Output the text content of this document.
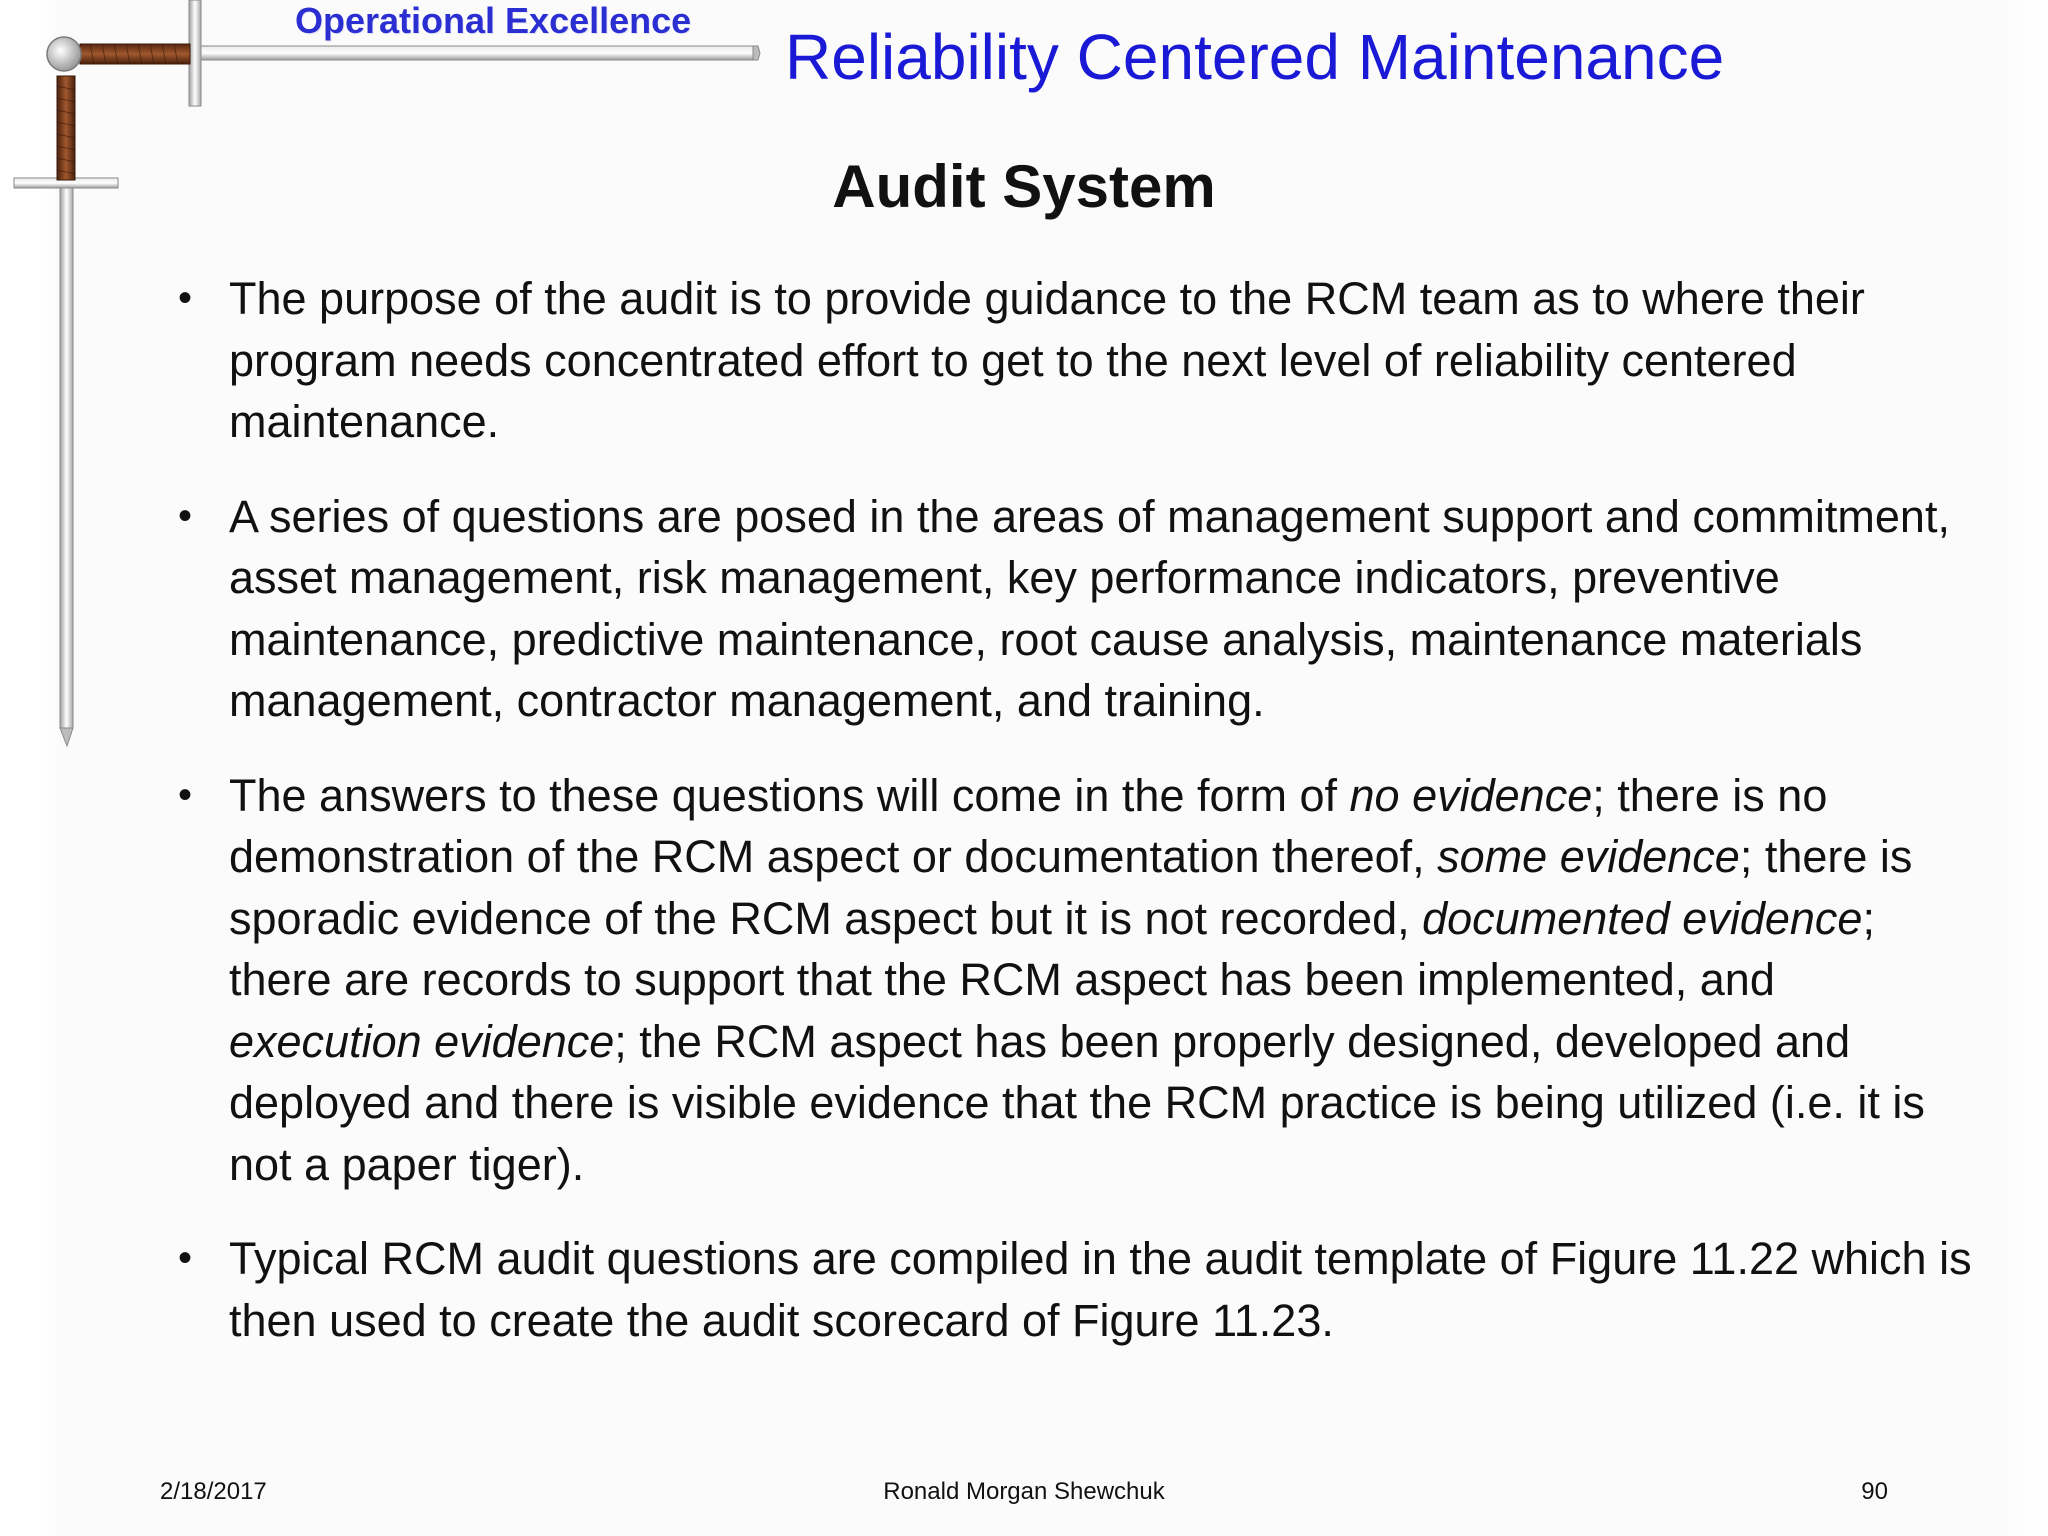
Operational Excellence
Reliability Centered Maintenance
Audit System
• The purpose of the audit is to provide guidance to the RCM team as to where their program needs concentrated effort to get to the next level of reliability centered maintenance.
• A series of questions are posed in the areas of management support and commitment, asset management, risk management, key performance indicators, preventive maintenance, predictive maintenance, root cause analysis, maintenance materials management, contractor management, and training.
• The answers to these questions will come in the form of no evidence; there is no demonstration of the RCM aspect or documentation thereof, some evidence; there is sporadic evidence of the RCM aspect but it is not recorded, documented evidence; there are records to support that the RCM aspect has been implemented, and execution evidence; the RCM aspect has been properly designed, developed and deployed and there is visible evidence that the RCM practice is being utilized (i.e. it is not a paper tiger).
• Typical RCM audit questions are compiled in the audit template of Figure 11.22 which is then used to create the audit scorecard of Figure 11.23.
2/18/2017	Ronald Morgan Shewchuk	90
